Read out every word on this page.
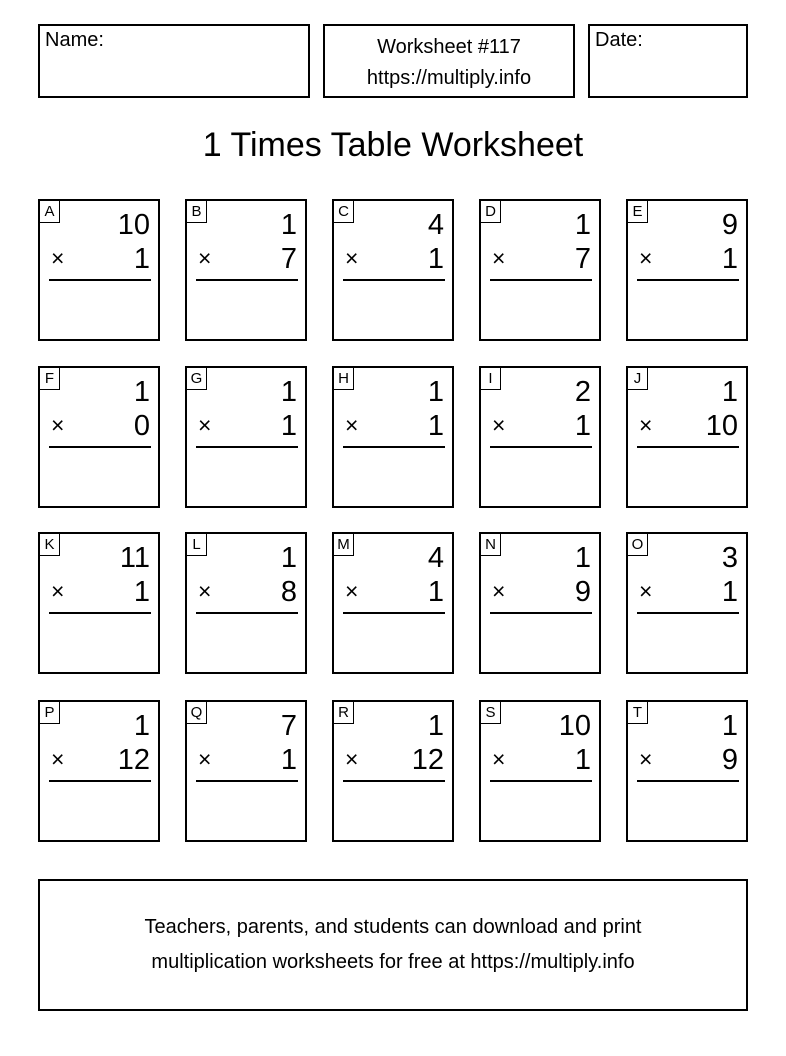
Name:	Worksheet #117
https://multiply.info
Date:
1 Times Table Worksheet
A 10
× 1
B	1
× 7
C	4
× 1
D	1
× 7
E	9
× 1
F	1
× 0
G	1
× 1
H	1
× 1
I	2
× 1
J	1
× 10
K 11
× 1
L	1
× 8
M	4
× 1
N	1
× 9
O	3
× 1
P	1
× 12
Q	7
× 1
R	1
× 12
S 10
× 1
T	1
× 9
Teachers, parents, and students can download and print
multiplication worksheets for free at https://multiply.info
